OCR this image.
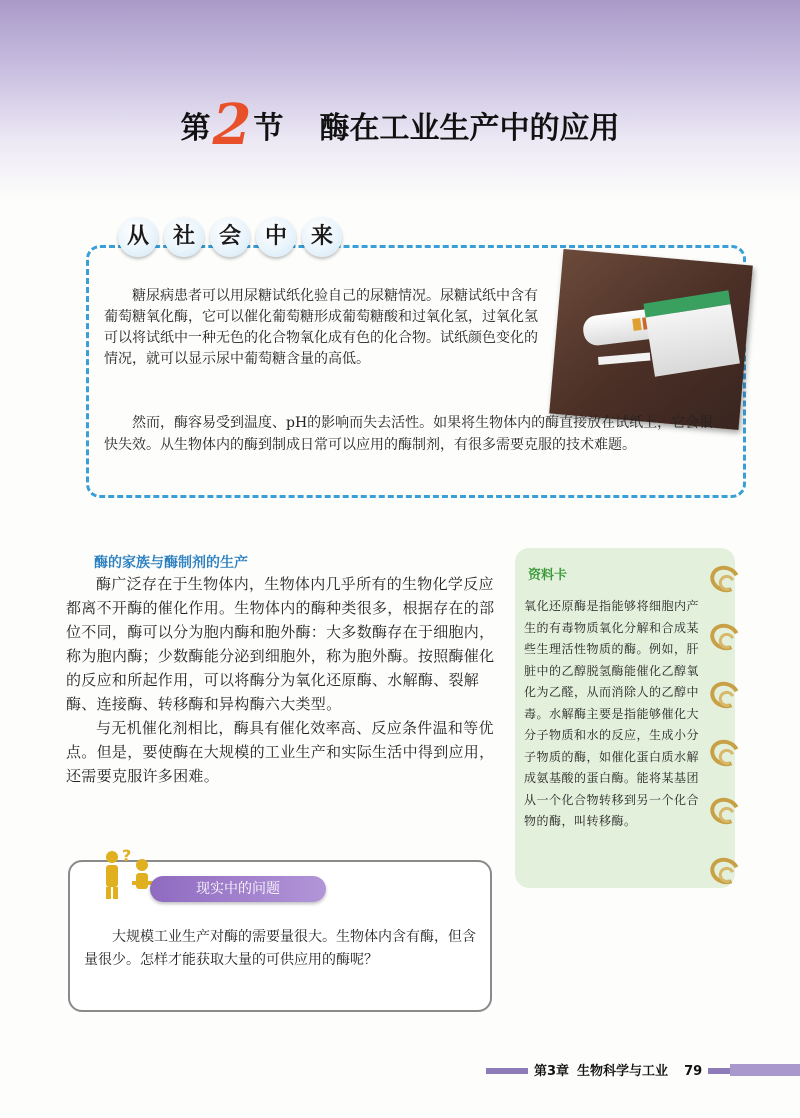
第2节 酶在工业生产中的应用
从	社	会	中	来

糖尿病患者可以用尿糖试纸化验自己的尿糖情况。尿糖试纸中含有葡萄糖氧化酶，它可以催化葡萄糖形成葡萄糖酸和过氧化氢，过氧化氢可以将试纸中一种无色的化合物氧化成有色的化合物。试纸颜色变化的情况，就可以显示尿中葡萄糖含量的高低。

然而，酶容易受到温度、pH的影响而失去活性。如果将生物体内的酶直接放在试纸上，它会很快失效。从生物体内的酶到制成日常可以应用的酶制剂，有很多需要克服的技术难题。

酶的家族与酶制剂的生产

酶广泛存在于生物体内，生物体内几乎所有的生物化学反应都离不开酶的催化作用。生物体内的酶种类很多，根据存在的部位不同，酶可以分为胞内酶和胞外酶：大多数酶存在于细胞内，称为胞内酶；少数酶能分泌到细胞外，称为胞外酶。按照酶催化的反应和所起作用，可以将酶分为氧化还原酶、水解酶、裂解酶、连接酶、转移酶和异构酶六大类型。

与无机催化剂相比，酶具有催化效率高、反应条件温和等优点。但是，要使酶在大规模的工业生产和实际生活中得到应用，还需要克服许多困难。

资料卡
氧化还原酶是指能够将细胞内产生的有毒物质氧化分解和合成某些生理活性物质的酶。例如，肝脏中的乙醇脱氢酶能催化乙醇氧化为乙醛，从而消除人的乙醇中毒。水解酶主要是指能够催化大分子物质和水的反应，生成小分子物质的酶，如催化蛋白质水解成氨基酸的蛋白酶。能将某基团从一个化合物转移到另一个化合物的酶，叫转移酶。
?
现实中的问题

大规模工业生产对酶的需要量很大。生物体内含有酶，但含量很少。怎样才能获取大量的可供应用的酶呢？

第3章 生物科学与工业 79
